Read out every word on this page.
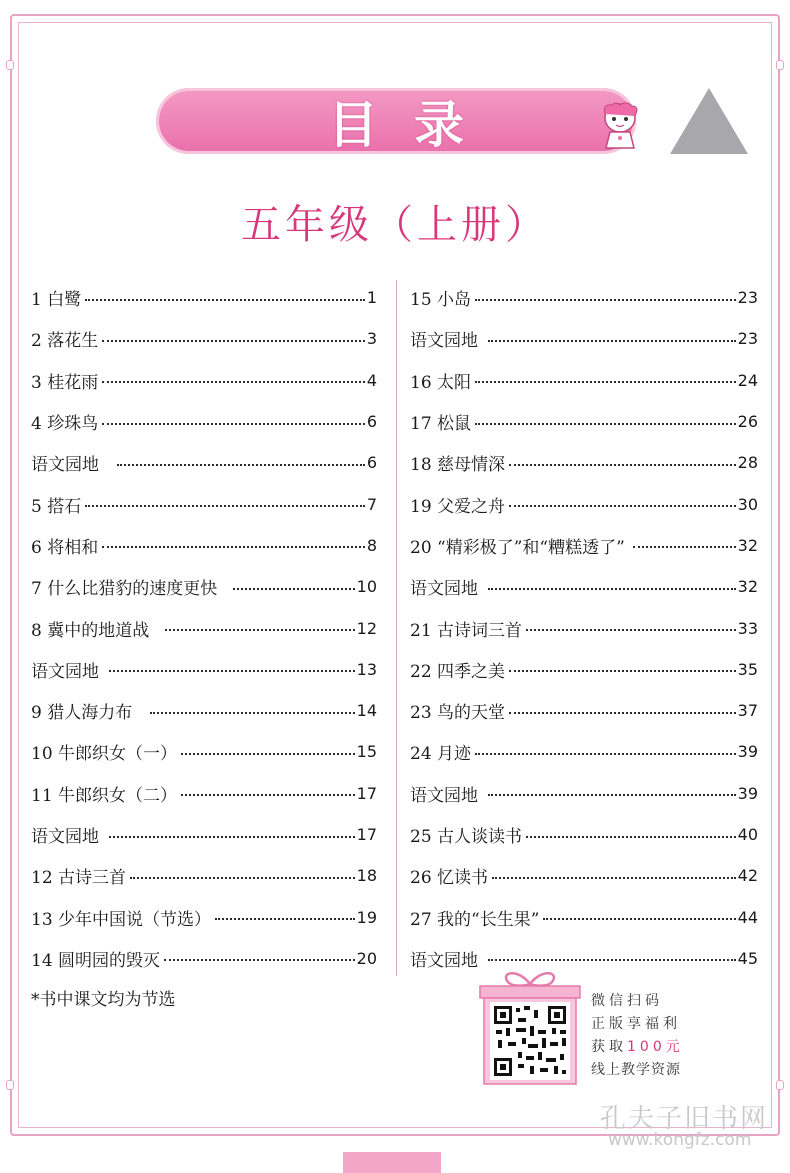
目录
五年级（上册）
1 白鹭	1
2 落花生	3
3 桂花雨	4
4 珍珠鸟	6
语文园地	6
5 搭石	7
6 将相和	8
7 什么比猎豹的速度更快	10
8 冀中的地道战	12
语文园地	13
9 猎人海力布	14
10 牛郎织女（一）	15
11 牛郎织女（二）	17
语文园地	17
12 古诗三首	18
13 少年中国说（节选）	19
14 圆明园的毁灭	20
15 小岛	23
语文园地	23
16 太阳	24
17 松鼠	26
18 慈母情深	28
19 父爱之舟	30
20 “精彩极了”和“糟糕透了”	32
语文园地	32
21 古诗词三首	33
22 四季之美	35
23 鸟的天堂	37
24 月迹	39
语文园地	39
25 古人谈读书	40
26 忆读书	42
27 我的“长生果”	44
语文园地	45
*书中课文均为节选	微信扫码
正版享福利
获取100元
线上教学资源
孔夫子旧书网
www.kongfz.com
